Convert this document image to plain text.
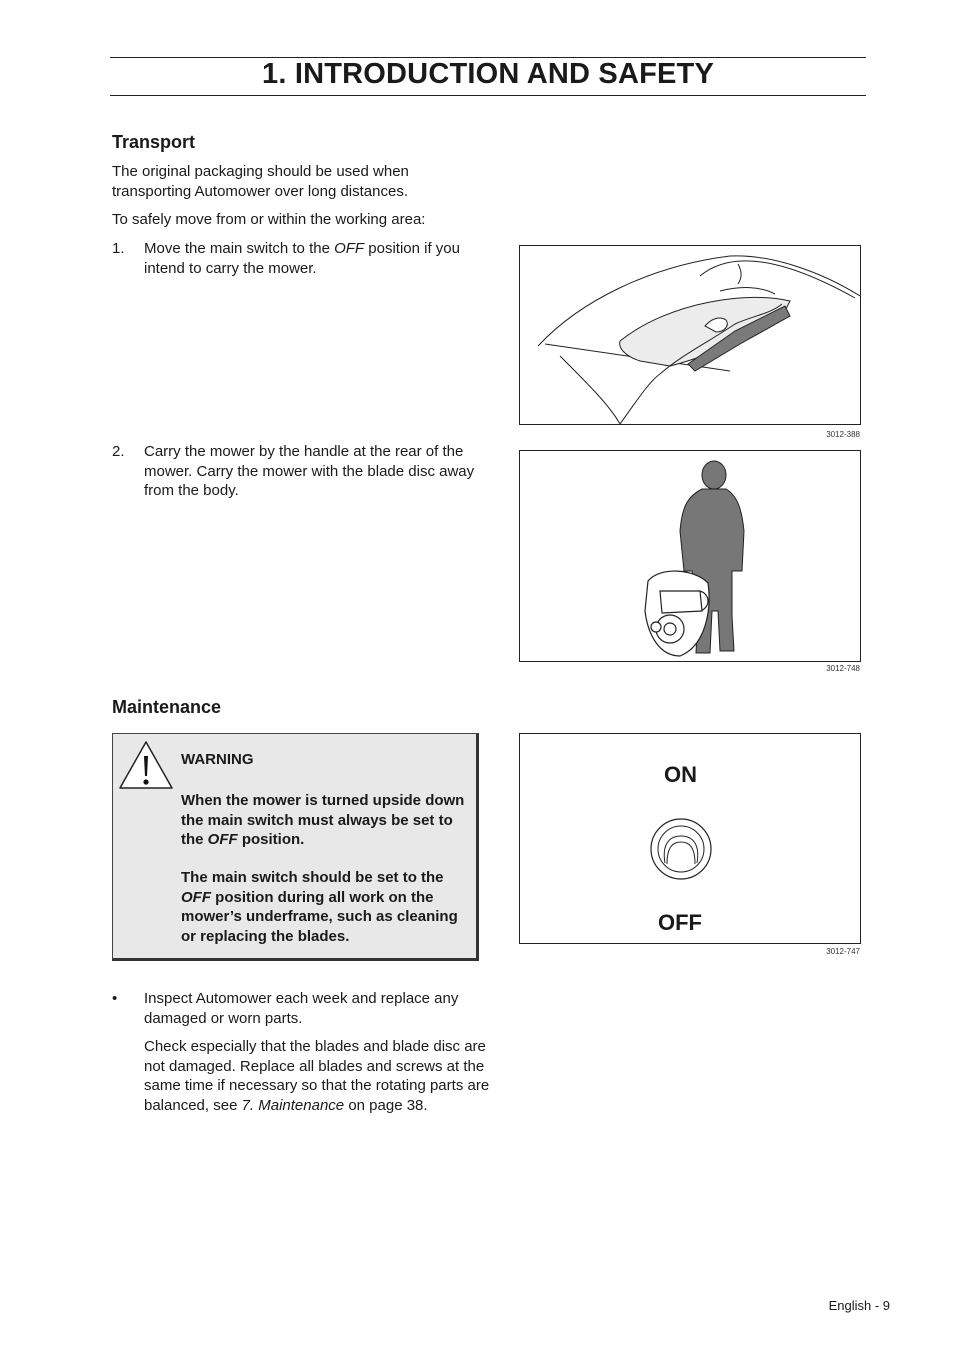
1. INTRODUCTION AND SAFETY
Transport
The original packaging should be used when transporting Automower over long distances.
To safely move from or within the working area:
1. Move the main switch to the OFF position if you intend to carry the mower.
2. Carry the mower by the handle at the rear of the mower. Carry the mower with the blade disc away from the body.
3012-388
3012-748
Maintenance
WARNING
When the mower is turned upside down the main switch must always be set to the OFF position.
The main switch should be set to the OFF position during all work on the mower’s underframe, such as cleaning or replacing the blades.
ON
OFF
3012-747
• Inspect Automower each week and replace any damaged or worn parts.
Check especially that the blades and blade disc are not damaged. Replace all blades and screws at the same time if necessary so that the rotating parts are balanced, see 7. Maintenance on page 38.
English - 9
